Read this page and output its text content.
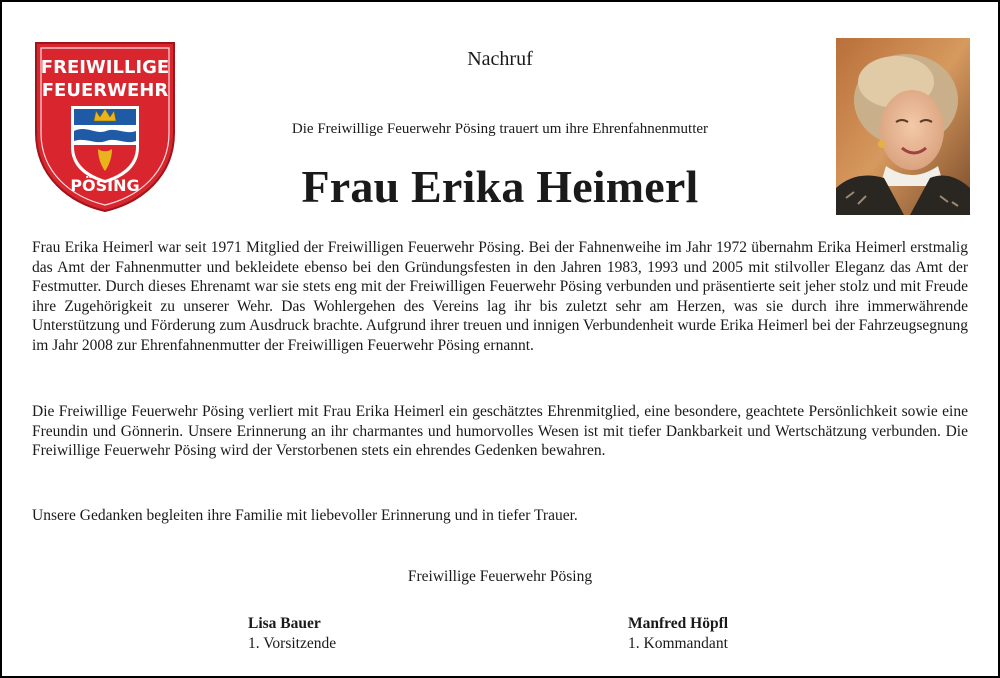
FREIWILLIGE
FEUERWEHR
PÖSING
Nachruf
Die Freiwillige Feuerwehr Pösing trauert um ihre Ehrenfahnenmutter
Frau Erika Heimerl
Frau Erika Heimerl war seit 1971 Mitglied der Freiwilligen Feuerwehr Pösing. Bei der Fahnenweihe im Jahr 1972 übernahm Erika Heimerl erstmalig das Amt der Fahnenmutter und bekleidete ebenso bei den Gründungsfesten in den Jahren 1983, 1993 und 2005 mit stilvoller Eleganz das Amt der Festmutter. Durch dieses Ehrenamt war sie stets eng mit der Freiwilligen Feuerwehr Pösing verbunden und präsentierte seit jeher stolz und mit Freude ihre Zugehörigkeit zu unserer Wehr. Das Wohlergehen des Vereins lag ihr bis zuletzt sehr am Herzen, was sie durch ihre immerwährende Unterstützung und Förderung zum Ausdruck brachte. Aufgrund ihrer treuen und innigen Verbundenheit wurde Erika Heimerl bei der Fahrzeugsegnung im Jahr 2008 zur Ehrenfahnenmutter der Freiwilligen Feuerwehr Pösing ernannt.
Die Freiwillige Feuerwehr Pösing verliert mit Frau Erika Heimerl ein geschätztes Ehrenmitglied, eine besondere, geachtete Persönlichkeit sowie eine Freundin und Gönnerin. Unsere Erinnerung an ihr charmantes und humorvolles Wesen ist mit tiefer Dankbarkeit und Wertschätzung verbunden. Die Freiwillige Feuerwehr Pösing wird der Verstorbenen stets ein ehrendes Gedenken bewahren.
Unsere Gedanken begleiten ihre Familie mit liebevoller Erinnerung und in tiefer Trauer.
Freiwillige Feuerwehr Pösing
Lisa Bauer
1. Vorsitzende
Manfred Höpfl
1. Kommandant
